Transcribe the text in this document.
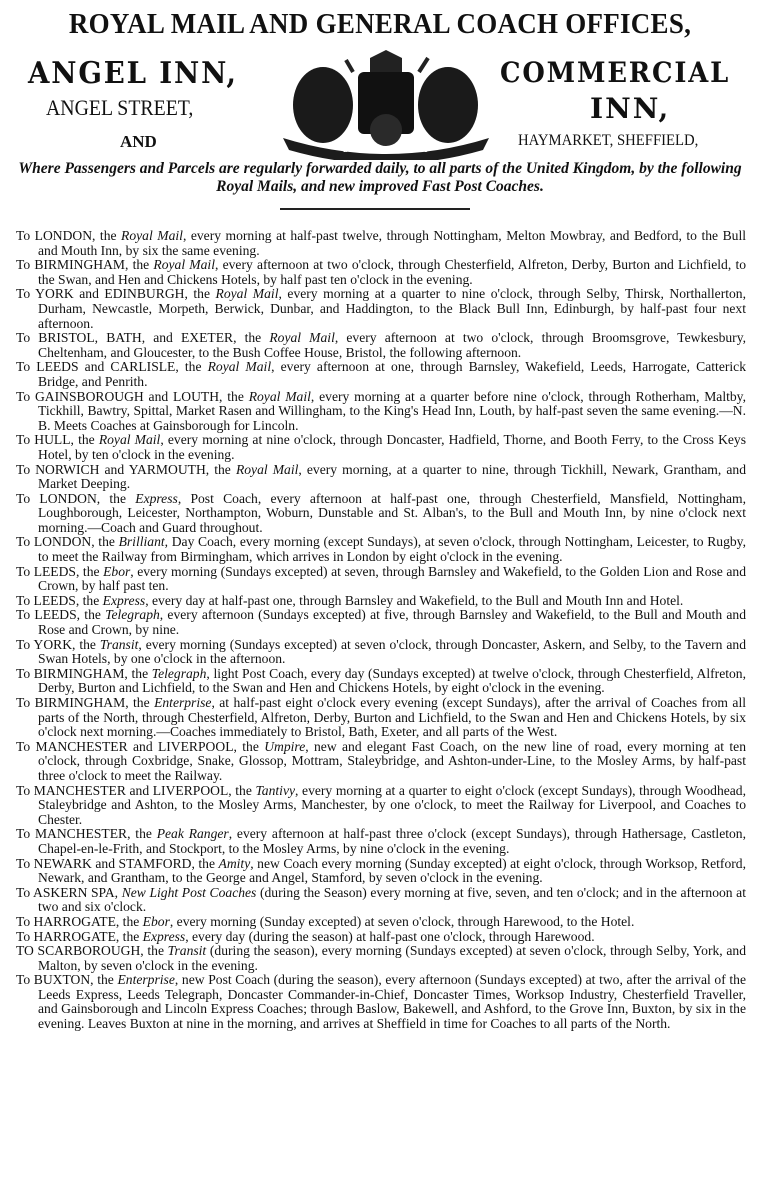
ROYAL MAIL AND GENERAL COACH OFFICES,
ANGEL INN,
ANGEL STREET,
AND
COMMERCIAL
INN,
HAYMARKET, SHEFFIELD,
DIEU ET MON DROIT
Where Passengers and Parcels are regularly forwarded daily, to all parts of the United Kingdom, by the following Royal Mails, and new improved Fast Post Coaches.

To LONDON, the Royal Mail, every morning at half-past twelve, through Nottingham, Melton Mowbray, and Bedford, to the Bull and Mouth Inn, by six the same evening.

To BIRMINGHAM, the Royal Mail, every afternoon at two o'clock, through Chesterfield, Alfreton, Derby, Burton and Lichfield, to the Swan, and Hen and Chickens Hotels, by half past ten o'clock in the evening.

To YORK and EDINBURGH, the Royal Mail, every morning at a quarter to nine o'clock, through Selby, Thirsk, Northallerton, Durham, Newcastle, Morpeth, Berwick, Dunbar, and Haddington, to the Black Bull Inn, Edinburgh, by half-past four next afternoon.

To BRISTOL, BATH, and EXETER, the Royal Mail, every afternoon at two o'clock, through Broomsgrove, Tewkesbury, Cheltenham, and Gloucester, to the Bush Coffee House, Bristol, the following afternoon.

To LEEDS and CARLISLE, the Royal Mail, every afternoon at one, through Barnsley, Wakefield, Leeds, Harrogate, Catterick Bridge, and Penrith.

To GAINSBOROUGH and LOUTH, the Royal Mail, every morning at a quarter before nine o'clock, through Rotherham, Maltby, Tickhill, Bawtry, Spittal, Market Rasen and Willingham, to the King's Head Inn, Louth, by half-past seven the same evening.—N. B. Meets Coaches at Gainsborough for Lincoln.

To HULL, the Royal Mail, every morning at nine o'clock, through Doncaster, Hadfield, Thorne, and Booth Ferry, to the Cross Keys Hotel, by ten o'clock in the evening.

To NORWICH and YARMOUTH, the Royal Mail, every morning, at a quarter to nine, through Tickhill, Newark, Grantham, and Market Deeping.

To LONDON, the Express, Post Coach, every afternoon at half-past one, through Chesterfield, Mansfield, Nottingham, Loughborough, Leicester, Northampton, Woburn, Dunstable and St. Alban's, to the Bull and Mouth Inn, by nine o'clock next morning.—Coach and Guard throughout.

To LONDON, the Brilliant, Day Coach, every morning (except Sundays), at seven o'clock, through Nottingham, Leicester, to Rugby, to meet the Railway from Birmingham, which arrives in London by eight o'clock in the evening.

To LEEDS, the Ebor, every morning (Sundays excepted) at seven, through Barnsley and Wakefield, to the Golden Lion and Rose and Crown, by half past ten.

To LEEDS, the Express, every day at half-past one, through Barnsley and Wakefield, to the Bull and Mouth Inn and Hotel.

To LEEDS, the Telegraph, every afternoon (Sundays excepted) at five, through Barnsley and Wakefield, to the Bull and Mouth and Rose and Crown, by nine.

To YORK, the Transit, every morning (Sundays excepted) at seven o'clock, through Doncaster, Askern, and Selby, to the Tavern and Swan Hotels, by one o'clock in the afternoon.

To BIRMINGHAM, the Telegraph, light Post Coach, every day (Sundays excepted) at twelve o'clock, through Chesterfield, Alfreton, Derby, Burton and Lichfield, to the Swan and Hen and Chickens Hotels, by eight o'clock in the evening.

To BIRMINGHAM, the Enterprise, at half-past eight o'clock every evening (except Sundays), after the arrival of Coaches from all parts of the North, through Chesterfield, Alfreton, Derby, Burton and Lichfield, to the Swan and Hen and Chickens Hotels, by six o'clock next morning.—Coaches immediately to Bristol, Bath, Exeter, and all parts of the West.

To MANCHESTER and LIVERPOOL, the Umpire, new and elegant Fast Coach, on the new line of road, every morning at ten o'clock, through Coxbridge, Snake, Glossop, Mottram, Staleybridge, and Ashton-under-Line, to the Mosley Arms, by half-past three o'clock to meet the Railway.

To MANCHESTER and LIVERPOOL, the Tantivy, every morning at a quarter to eight o'clock (except Sundays), through Woodhead, Staleybridge and Ashton, to the Mosley Arms, Manchester, by one o'clock, to meet the Railway for Liverpool, and Coaches to Chester.

To MANCHESTER, the Peak Ranger, every afternoon at half-past three o'clock (except Sundays), through Hathersage, Castleton, Chapel-en-le-Frith, and Stockport, to the Mosley Arms, by nine o'clock in the evening.

To NEWARK and STAMFORD, the Amity, new Coach every morning (Sunday excepted) at eight o'clock, through Worksop, Retford, Newark, and Grantham, to the George and Angel, Stamford, by seven o'clock in the evening.

To ASKERN SPA, New Light Post Coaches (during the Season) every morning at five, seven, and ten o'clock; and in the afternoon at two and six o'clock.

To HARROGATE, the Ebor, every morning (Sunday excepted) at seven o'clock, through Harewood, to the Hotel.

To HARROGATE, the Express, every day (during the season) at half-past one o'clock, through Harewood.

TO SCARBOROUGH, the Transit (during the season), every morning (Sundays excepted) at seven o'clock, through Selby, York, and Malton, by seven o'clock in the evening.

To BUXTON, the Enterprise, new Post Coach (during the season), every afternoon (Sundays excepted) at two, after the arrival of the Leeds Express, Leeds Telegraph, Doncaster Commander-in-Chief, Doncaster Times, Worksop Industry, Chesterfield Traveller, and Gainsborough and Lincoln Express Coaches; through Baslow, Bakewell, and Ashford, to the Grove Inn, Buxton, by six in the evening. Leaves Buxton at nine in the morning, and arrives at Sheffield in time for Coaches to all parts of the North.
